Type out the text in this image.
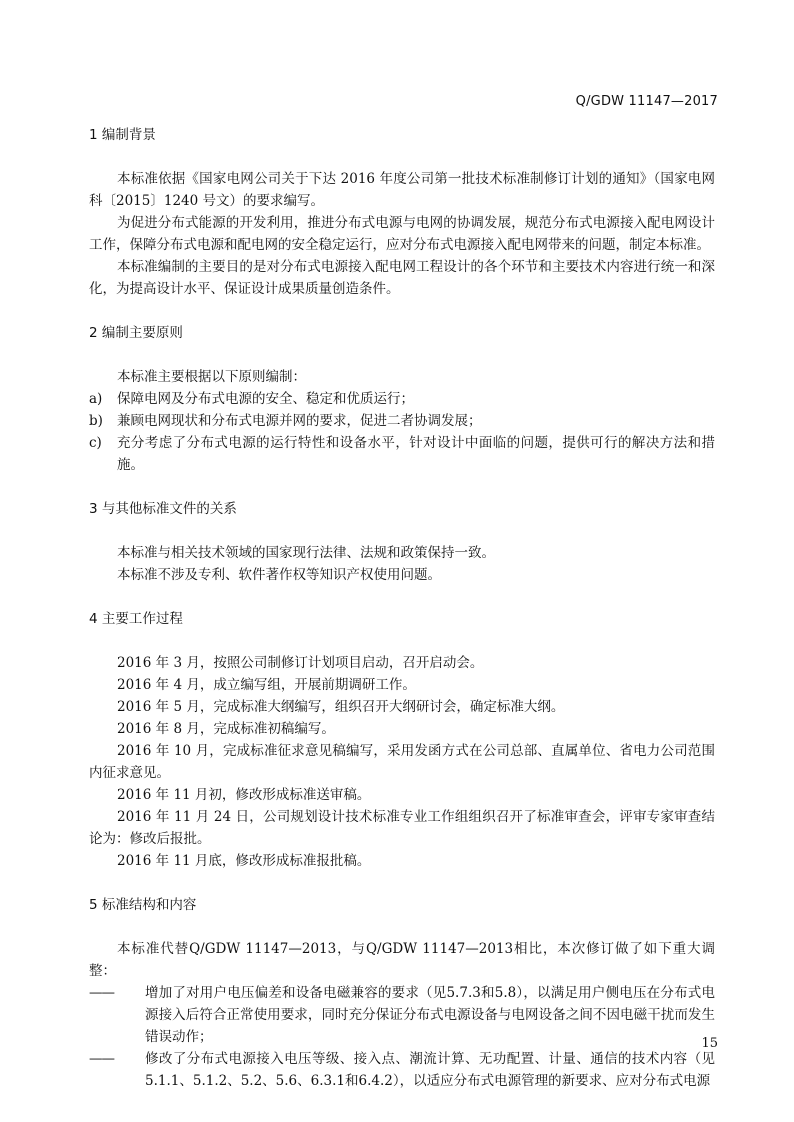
Q/GDW 11147—2017
1 编制背景

本标准依据《国家电网公司关于下达 2016 年度公司第一批技术标准制修订计划的通知》（国家电网科〔2015〕1240 号文）的要求编写。

为促进分布式能源的开发利用，推进分布式电源与电网的协调发展，规范分布式电源接入配电网设计工作，保障分布式电源和配电网的安全稳定运行，应对分布式电源接入配电网带来的问题，制定本标准。

本标准编制的主要目的是对分布式电源接入配电网工程设计的各个环节和主要技术内容进行统一和深化，为提高设计水平、保证设计成果质量创造条件。

2 编制主要原则

本标准主要根据以下原则编制：

a)	保障电网及分布式电源的安全、稳定和优质运行；
b)	兼顾电网现状和分布式电源并网的要求，促进二者协调发展；
c)	充分考虑了分布式电源的运行特性和设备水平，针对设计中面临的问题，提供可行的解决方法和措施。
3 与其他标准文件的关系

本标准与相关技术领域的国家现行法律、法规和政策保持一致。

本标准不涉及专利、软件著作权等知识产权使用问题。

4 主要工作过程

2016 年 3 月，按照公司制修订计划项目启动，召开启动会。

2016 年 4 月，成立编写组，开展前期调研工作。

2016 年 5 月，完成标准大纲编写，组织召开大纲研讨会，确定标准大纲。

2016 年 8 月，完成标准初稿编写。

2016 年 10 月，完成标准征求意见稿编写，采用发函方式在公司总部、直属单位、省电力公司范围内征求意见。

2016 年 11 月初，修改形成标准送审稿。

2016 年 11 月 24 日，公司规划设计技术标准专业工作组组织召开了标准审查会，评审专家审查结论为：修改后报批。

2016 年 11 月底，修改形成标准报批稿。

5 标准结构和内容

本标准代替Q/GDW 11147—2013，与Q/GDW 11147—2013相比，本次修订做了如下重大调整：

——	增加了对用户电压偏差和设备电磁兼容的要求（见5.7.3和5.8），以满足用户侧电压在分布式电源接入后符合正常使用要求，同时充分保证分布式电源设备与电网设备之间不因电磁干扰而发生错误动作；
——	修改了分布式电源接入电压等级、接入点、潮流计算、无功配置、计量、通信的技术内容（见5.1.1、5.1.2、5.2、5.6、6.3.1和6.4.2），以适应分布式电源管理的新要求、应对分布式电源
15
